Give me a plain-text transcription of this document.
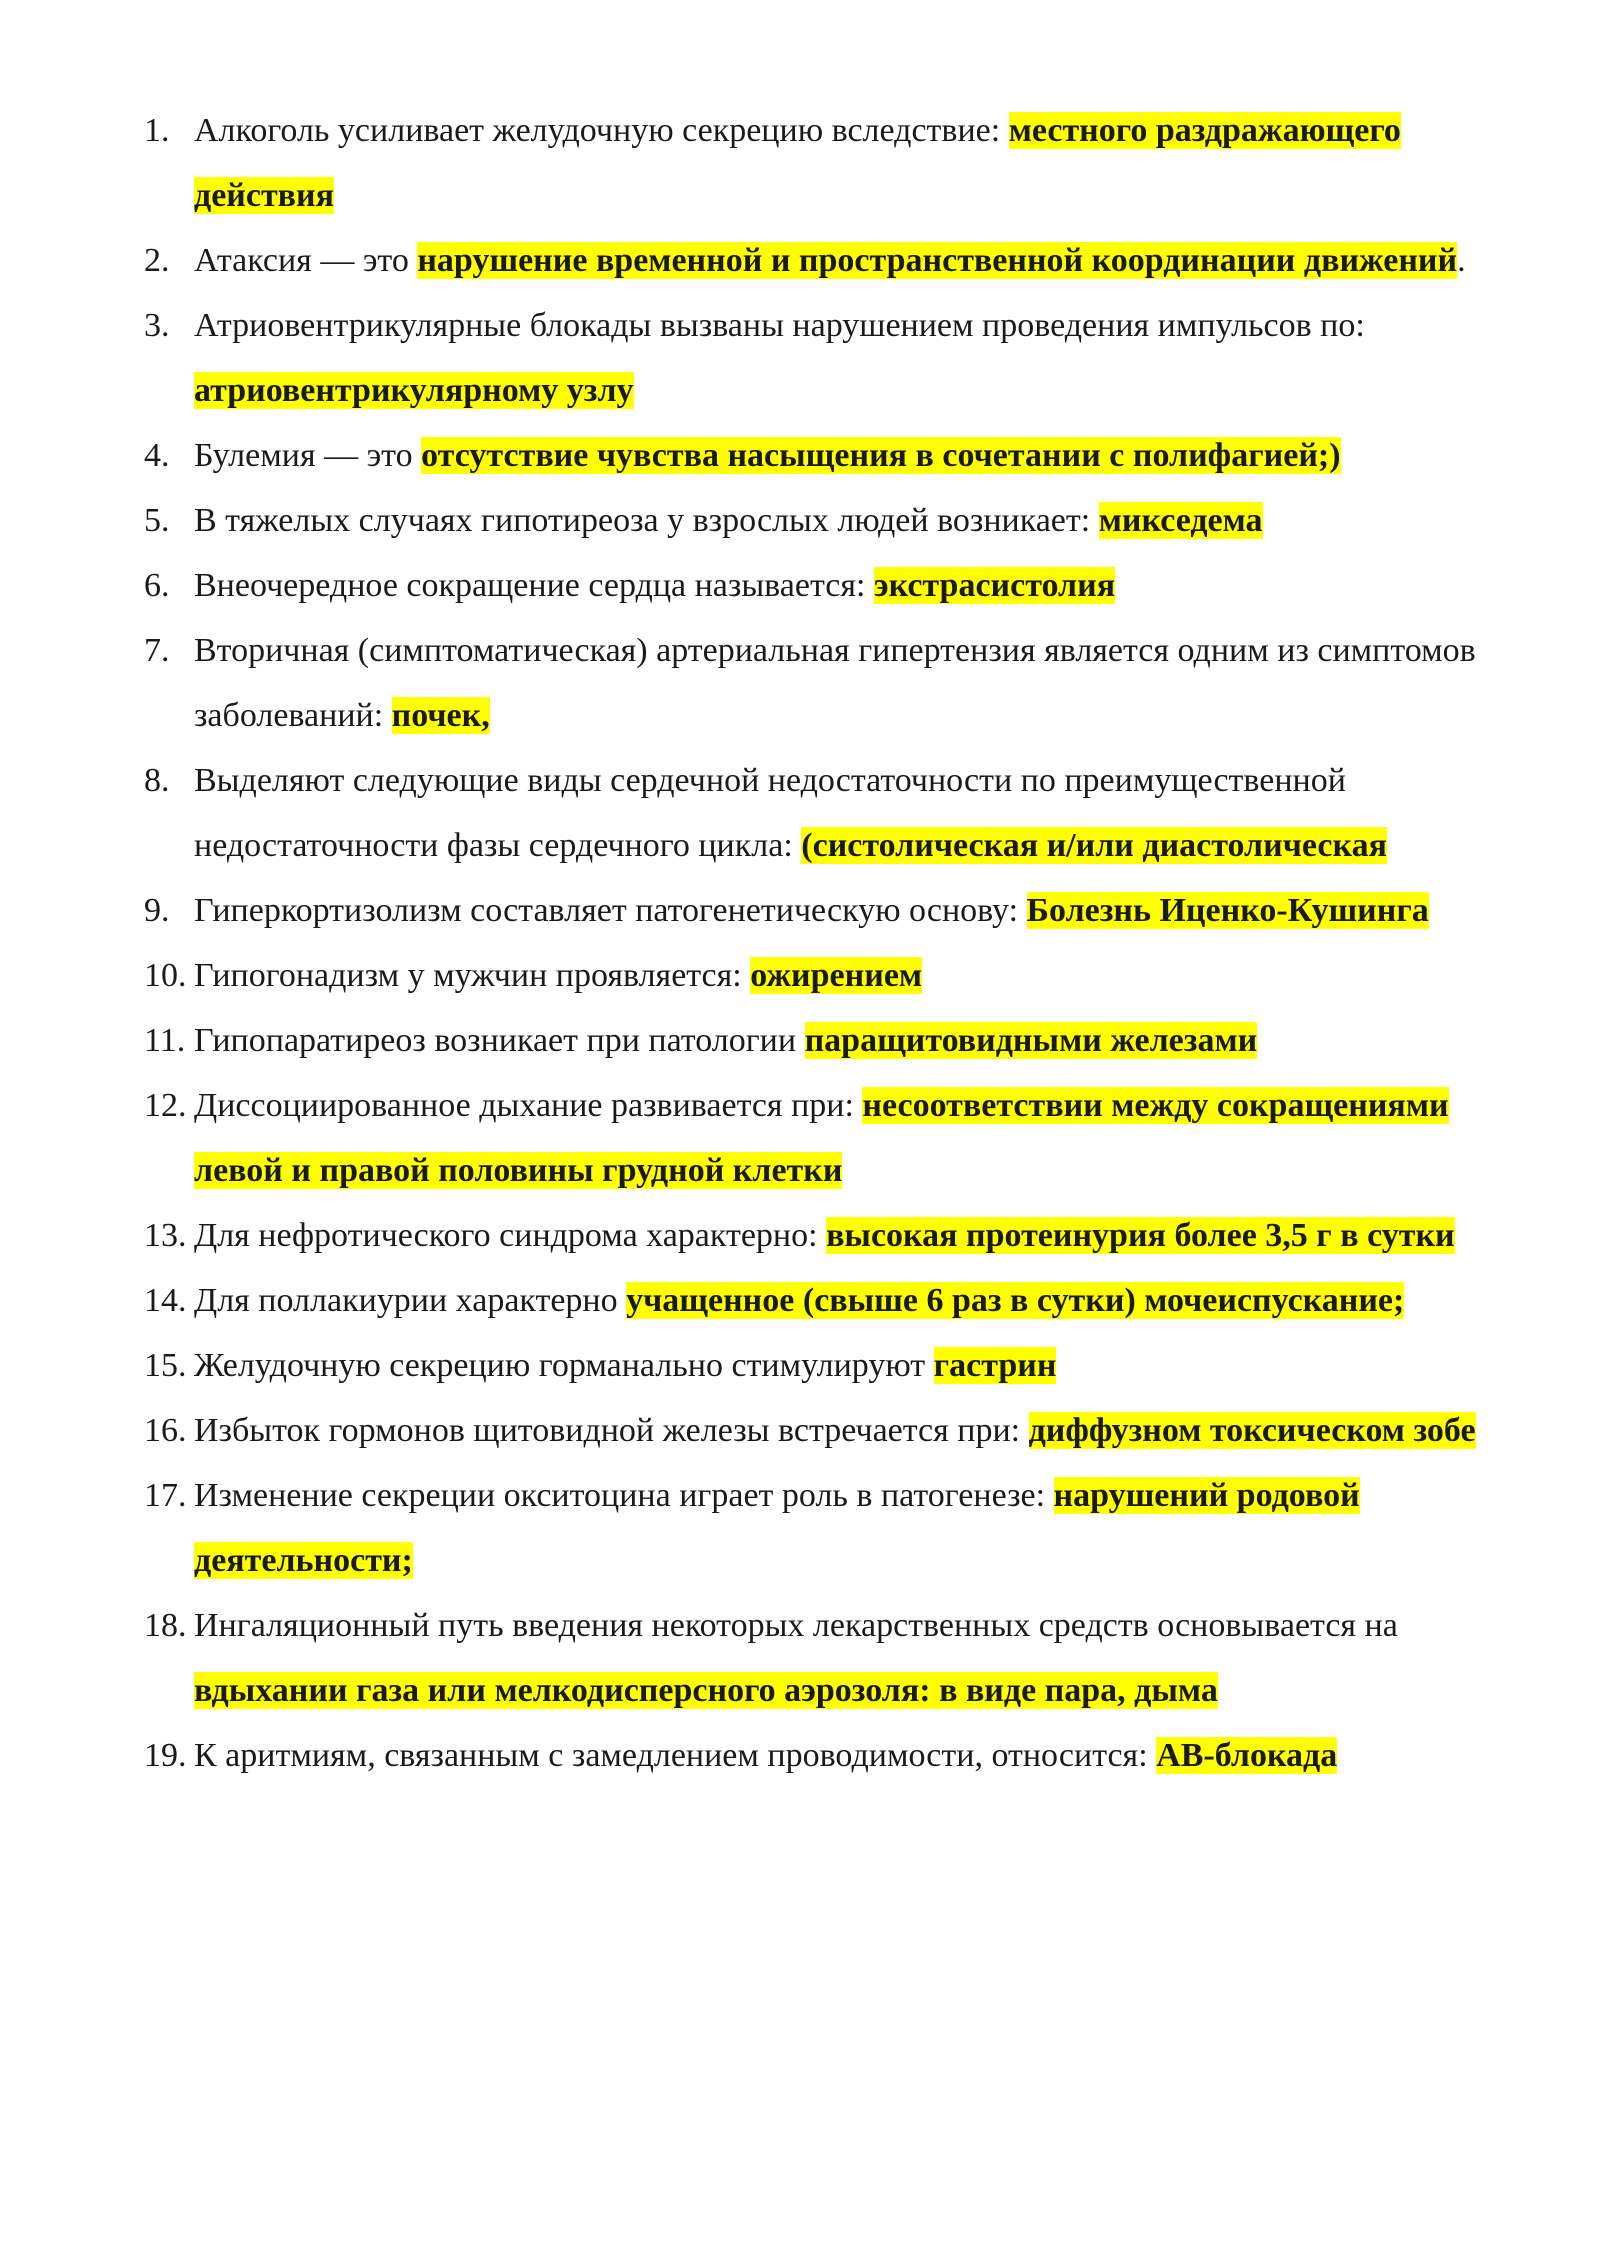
1. Алкоголь усиливает желудочную секрецию вследствие: местного раздражающего действия
2. Атаксия — это нарушение временной и пространственной координации движений.
3. Атриовентрикулярные блокады вызваны нарушением проведения импульсов по: атриовентрикулярному узлу
4. Булемия — это отсутствие чувства насыщения в сочетании с полифагией;)
5. В тяжелых случаях гипотиреоза у взрослых людей возникает: микседема
6. Внеочередное сокращение сердца называется: экстрасистолия
7. Вторичная (симптоматическая) артериальная гипертензия является одним из симптомов заболеваний: почек,
8. Выделяют следующие виды сердечной недостаточности по преимущественной недостаточности фазы сердечного цикла: (систолическая и/или диастолическая
9. Гиперкортизолизм составляет патогенетическую основу: Болезнь Иценко-Кушинга
10. Гипогонадизм у мужчин проявляется: ожирением
11. Гипопаратиреоз возникает при патологии паращитовидными железами
12. Диссоциированное дыхание развивается при: несоответствии между сокращениями левой и правой половины грудной клетки
13. Для нефротического синдрома характерно: высокая протеинурия более 3,5 г в сутки
14. Для поллакиурии характерно учащенное (свыше 6 раз в сутки) мочеиспускание;
15. Желудочную секрецию горманально стимулируют гастрин
16. Избыток гормонов щитовидной железы встречается при: диффузном токсическом зобе
17. Изменение секреции окситоцина играет роль в патогенезе: нарушений родовой деятельности;
18. Ингаляционный путь введения некоторых лекарственных средств основывается на вдыхании газа или мелкодисперсного аэрозоля: в виде пара, дыма
19. К аритмиям, связанным с замедлением проводимости, относится: АВ-блокада
